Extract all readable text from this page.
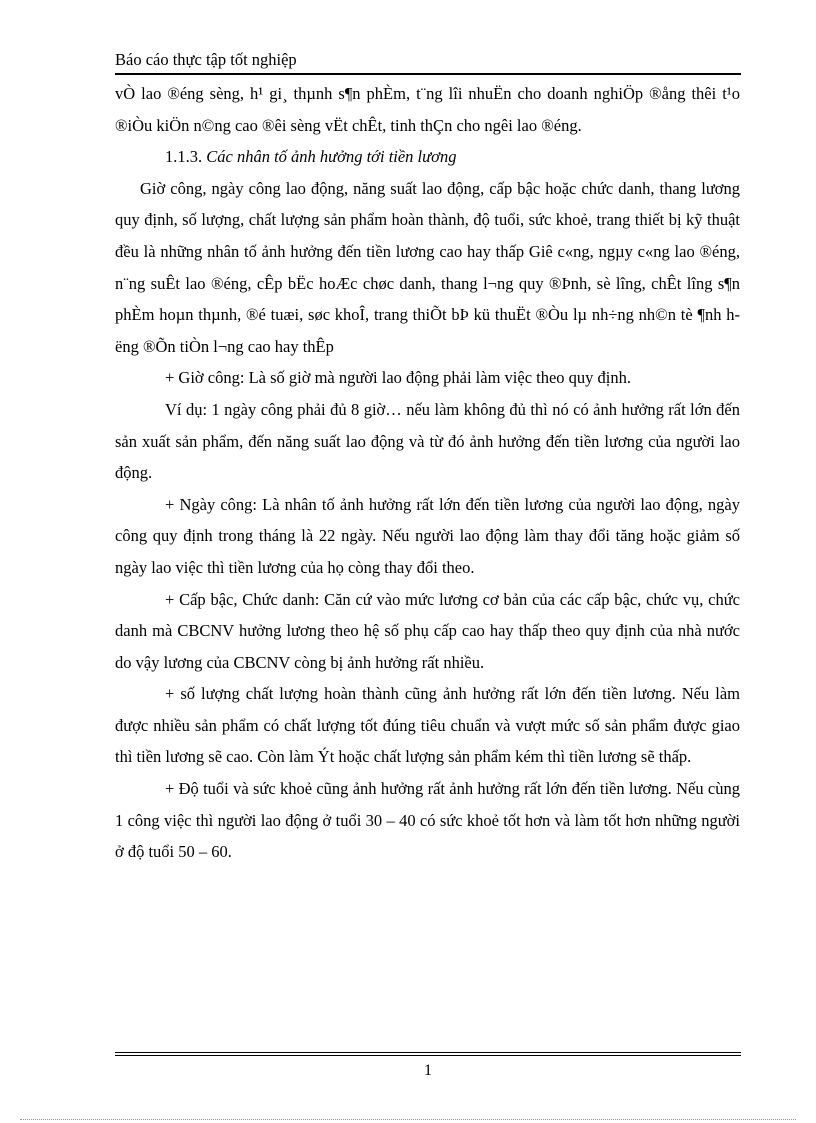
Báo cáo thực tập tốt nghiệp

vÒ lao ®éng sèng, h¹ gi¸ thµnh s¶n phÈm, t¨ng lîi nhuËn cho doanh nghiÖp ®ång thêi t¹o ®iÒu kiÖn n©ng cao ®êi sèng vËt chÊt, tinh thÇn cho ngêi lao ®éng.

1.1.3. Các nhân tố ảnh hưởng tới tiền lương

Giờ công, ngày công lao động, năng suất lao động, cấp bậc hoặc chức danh, thang lương quy định, số lượng, chất lượng sản phẩm hoàn thành, độ tuổi, sức khoẻ, trang thiết bị kỹ thuật đều là những nhân tố ảnh hưởng đến tiền lương cao hay thấp Giê c«ng, ngµy c«ng lao ®éng, n¨ng suÊt lao ®éng, cÊp bËc hoÆc chøc danh, thang l¬ng quy ®Þnh, sè lîng, chÊt lîng s¶n phÈm hoµn thµnh, ®é tuæi, søc khoÎ, trang thiÕt bÞ kü thuËt ®Òu lµ nh÷ng nh©n tè ¶nh hëng ®Õn tiÒn l¬ng cao hay thÊp

+ Giờ công: Là số giờ mà người lao động phải làm việc theo quy định.

Ví dụ: 1 ngày công phải đủ 8 giờ… nếu làm không đủ thì nó có ảnh hưởng rất lớn đến sản xuất sản phẩm, đến năng suất lao động và từ đó ảnh hưởng đến tiền lương của người lao động.

+ Ngày công: Là nhân tố ảnh hưởng rất lớn đến tiền lương của người lao động, ngày công quy định trong tháng là 22 ngày. Nếu người lao động làm thay đổi tăng hoặc giảm số ngày lao việc thì tiền lương của họ còng thay đổi theo.

+ Cấp bậc, Chức danh: Căn cứ vào mức lương cơ bản của các cấp bậc, chức vụ, chức danh mà CBCNV hưởng lương theo hệ số phụ cấp cao hay thấp theo quy định của nhà nước do vậy lương của CBCNV còng bị ảnh hưởng rất nhiều.

+ số lượng chất lượng hoàn thành cũng ảnh hưởng rất lớn đến tiền lương. Nếu làm được nhiều sản phẩm có chất lượng tốt đúng tiêu chuẩn và vượt mức số sản phẩm được giao thì tiền lương sẽ cao. Còn làm Ýt hoặc chất lượng sản phẩm kém thì tiền lương sẽ thấp.

+ Độ tuổi và sức khoẻ cũng ảnh hưởng rất ảnh hưởng rất lớn đến tiền lương. Nếu cùng 1 công việc thì người lao động ở tuổi 30 – 40 có sức khoẻ tốt hơn và làm tốt hơn những người ở độ tuổi 50 – 60.

1
